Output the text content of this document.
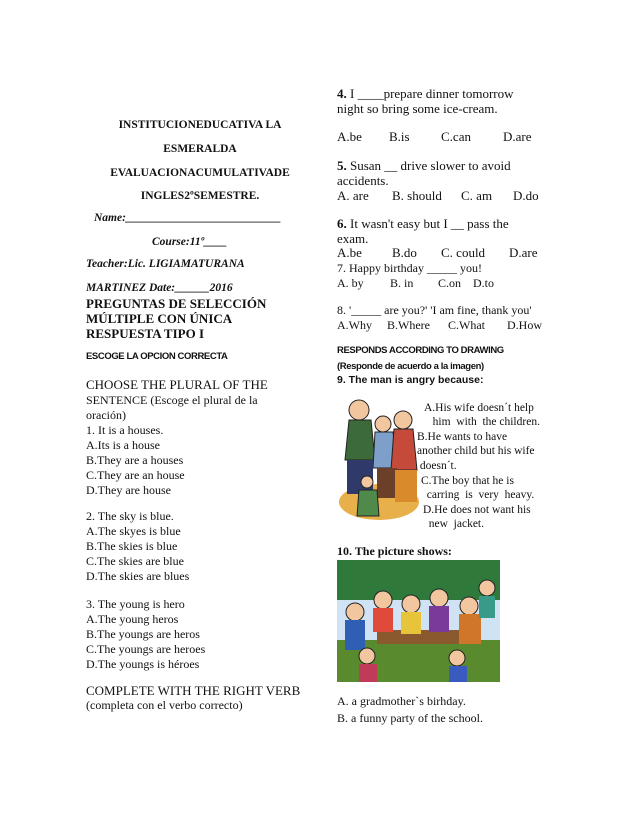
INSTITUCIONEDUCATIVA LA
ESMERALDA
EVALUACIONACUMULATIVADE
INGLES2ºSEMESTRE.
Name:___________________________
Course:11º____
Teacher:Lic. LIGIAMATURANA
MARTINEZ Date:______2016
PREGUNTAS DE SELECCIÓN
MÚLTIPLE CON ÚNICA
RESPUESTA TIPO I
ESCOGE LA OPCION CORRECTA
CHOOSE THE PLURAL OF THE
SENTENCE (Escoge el plural de la
oración)
1. It is a houses.
A.Its is a house
B.They are a houses
C.They are an house
D.They are house
2. The sky is blue.
A.The skyes is blue
B.The skies is blue
C.The skies are blue
D.The skies are blues
3. The young is hero
A.The young heros
B.The youngs are heros
C.The youngs are heroes
D.The youngs is héroes
COMPLETE WITH THE RIGHT VERB
(completa con el verbo correcto)
4. I ____prepare dinner tomorrow
night so bring some ice-cream.
A.be B.is C.can D.are
5. Susan __ drive slower to avoid
accidents.
A. are B. should C. am D.do
6. It wasn't easy but I __ pass the
exam.
A.be B.do C. could D.are
7. Happy birthday _____ you!
A. by B. in C.on D.to
8. '_____ are you?' 'I am fine, thank you'
A.Why B.Where C.What D.How
RESPONDS ACCORDING TO DRAWING
(Responde de acuerdo a la imagen)
9. The man is angry because:
A.His wife doesn´t help
him  with  the children.
B.He wants to have
another child but his wife
doesn´t.
C.The boy that he is
carring  is  very  heavy.
D.He does not want his
new  jacket.
10. The picture shows:
A. a gradmother`s birhday.
B. a funny party of the school.
